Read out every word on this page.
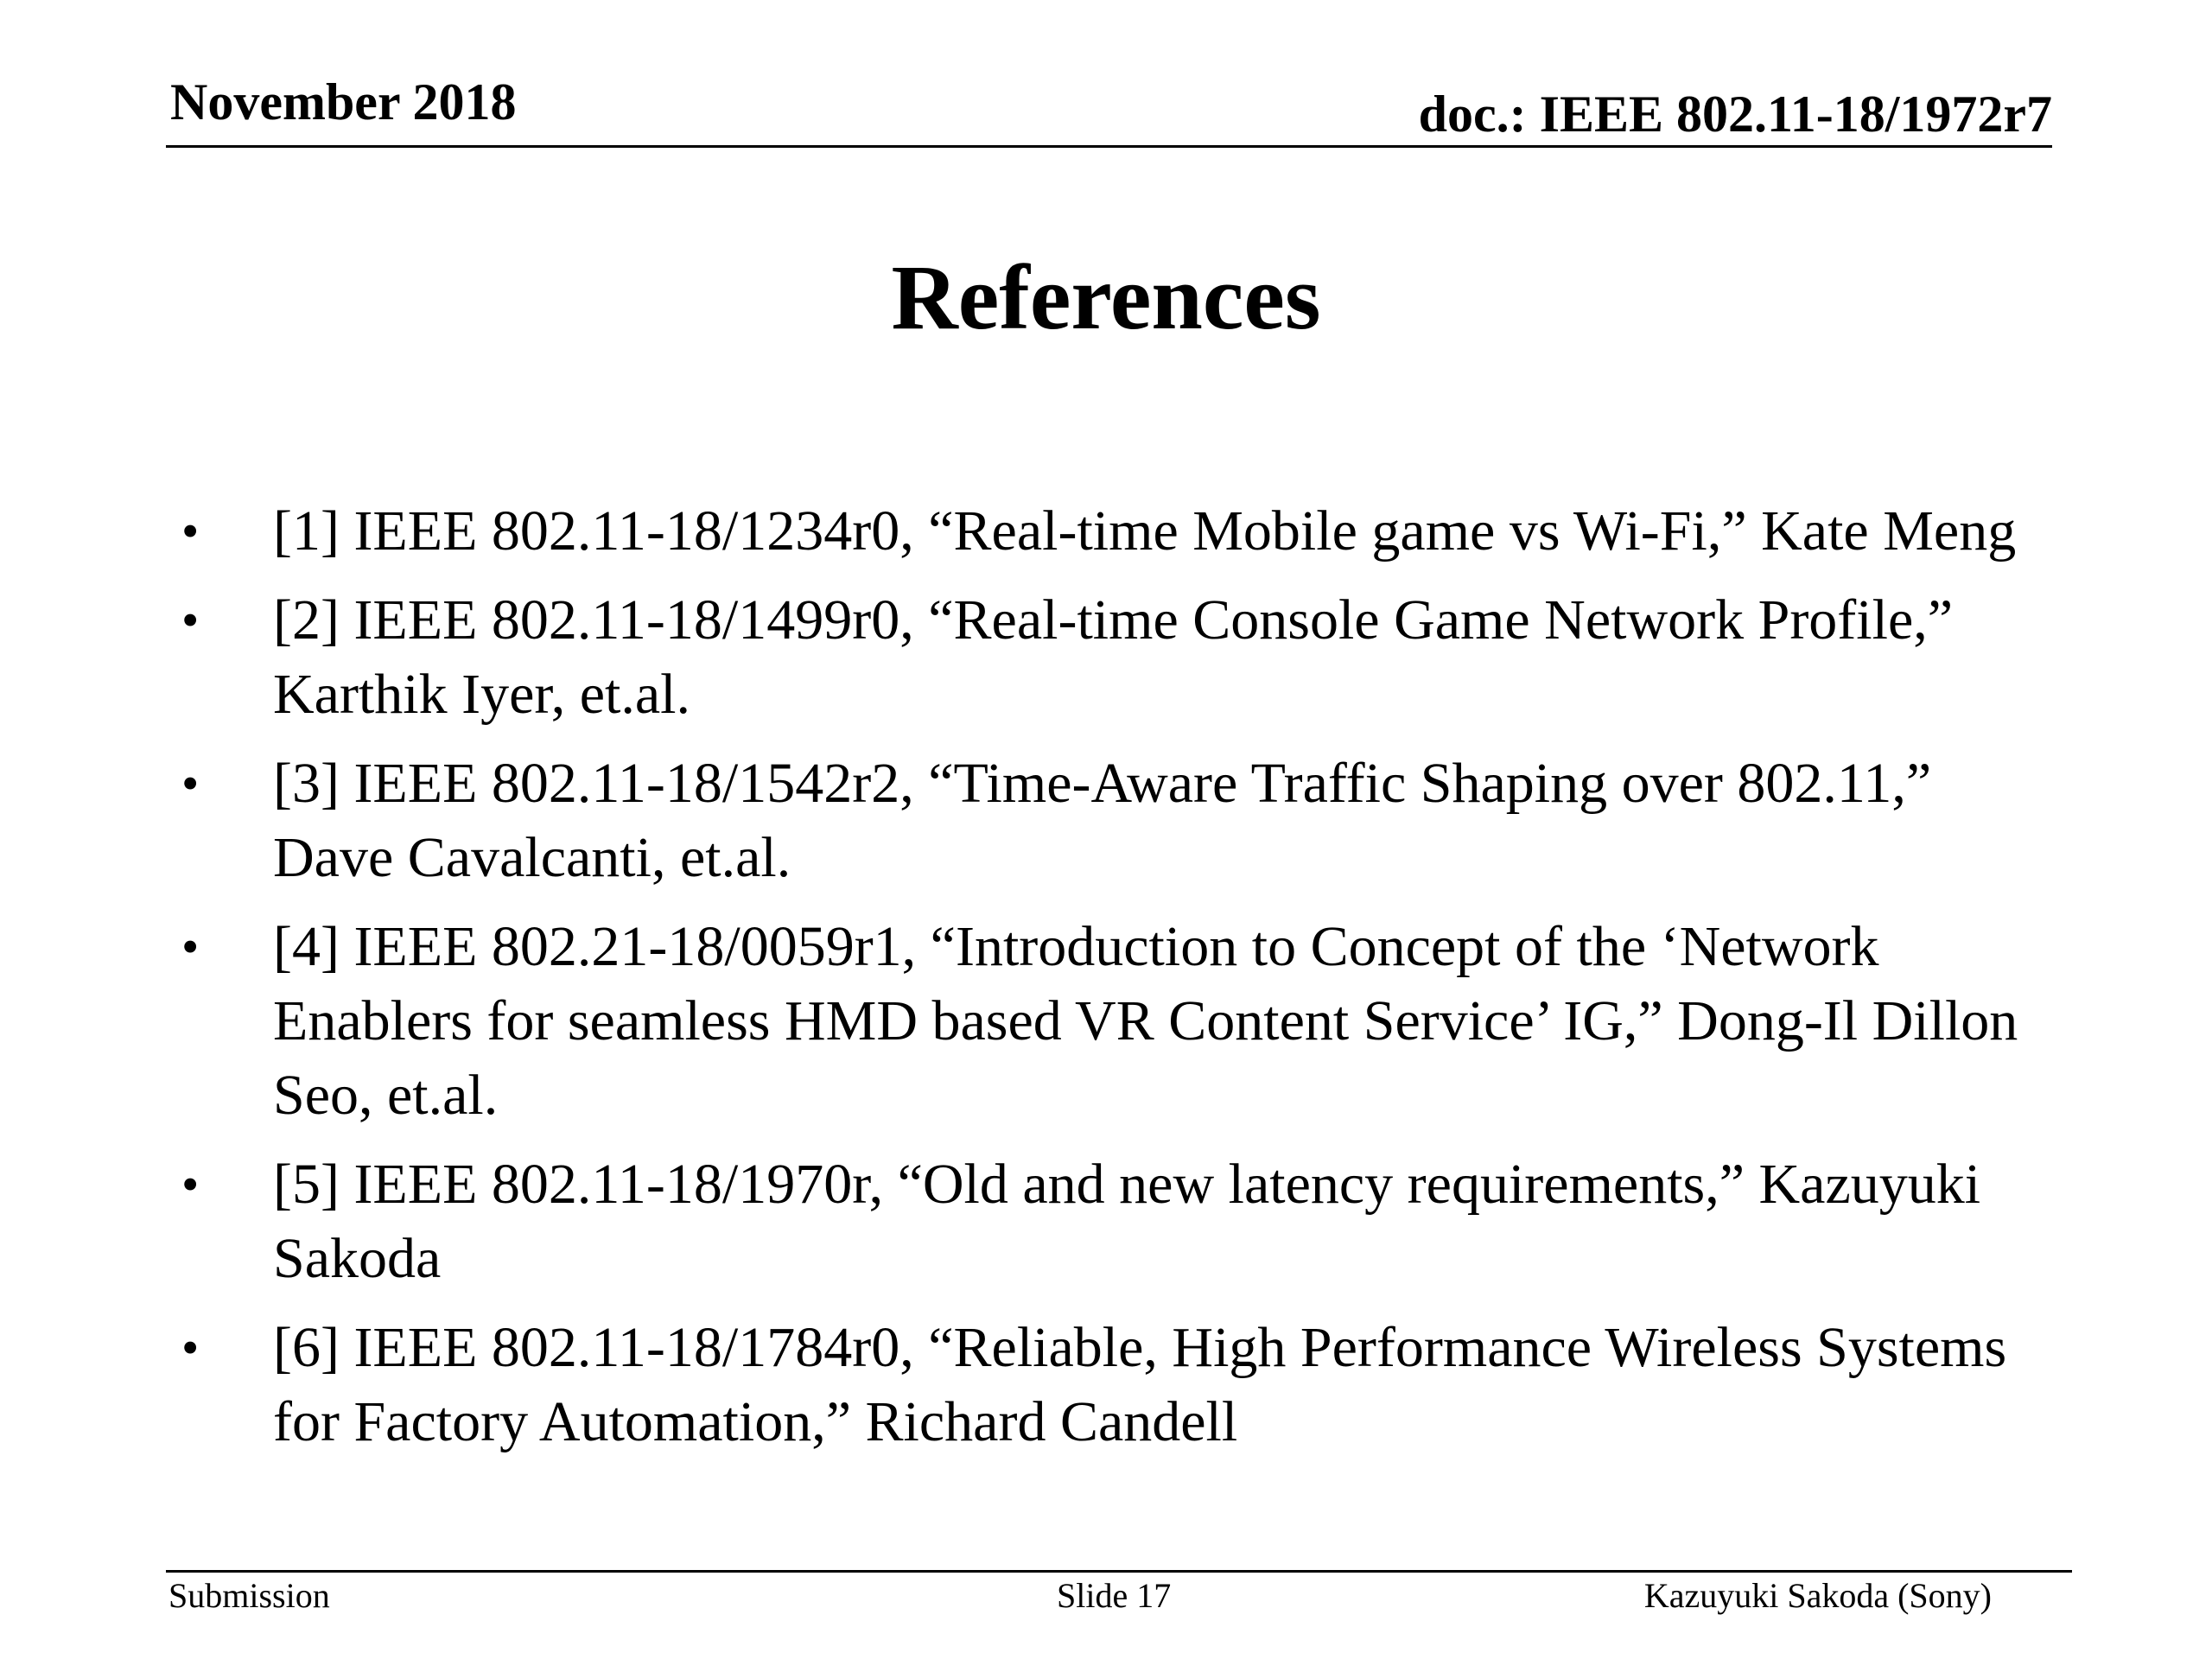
November 2018	doc.: IEEE 802.11-18/1972r7
References
• [1] IEEE 802.11-18/1234r0, “Real-time Mobile game vs Wi-Fi,” Kate Meng
• [2] IEEE 802.11-18/1499r0, “Real-time Console Game Network Profile,” Karthik Iyer, et.al.
• [3] IEEE 802.11-18/1542r2, “Time-Aware Traffic Shaping over 802.11,” Dave Cavalcanti, et.al.
• [4] IEEE 802.21-18/0059r1, “Introduction to Concept of the ‘Network Enablers for seamless HMD based VR Content Service’ IG,” Dong-Il Dillon Seo, et.al.
• [5] IEEE 802.11-18/1970r, “Old and new latency requirements,” Kazuyuki Sakoda
• [6] IEEE 802.11-18/1784r0, “Reliable, High Performance Wireless Systems for Factory Automation,” Richard Candell
Submission	Slide 17	Kazuyuki Sakoda (Sony)
